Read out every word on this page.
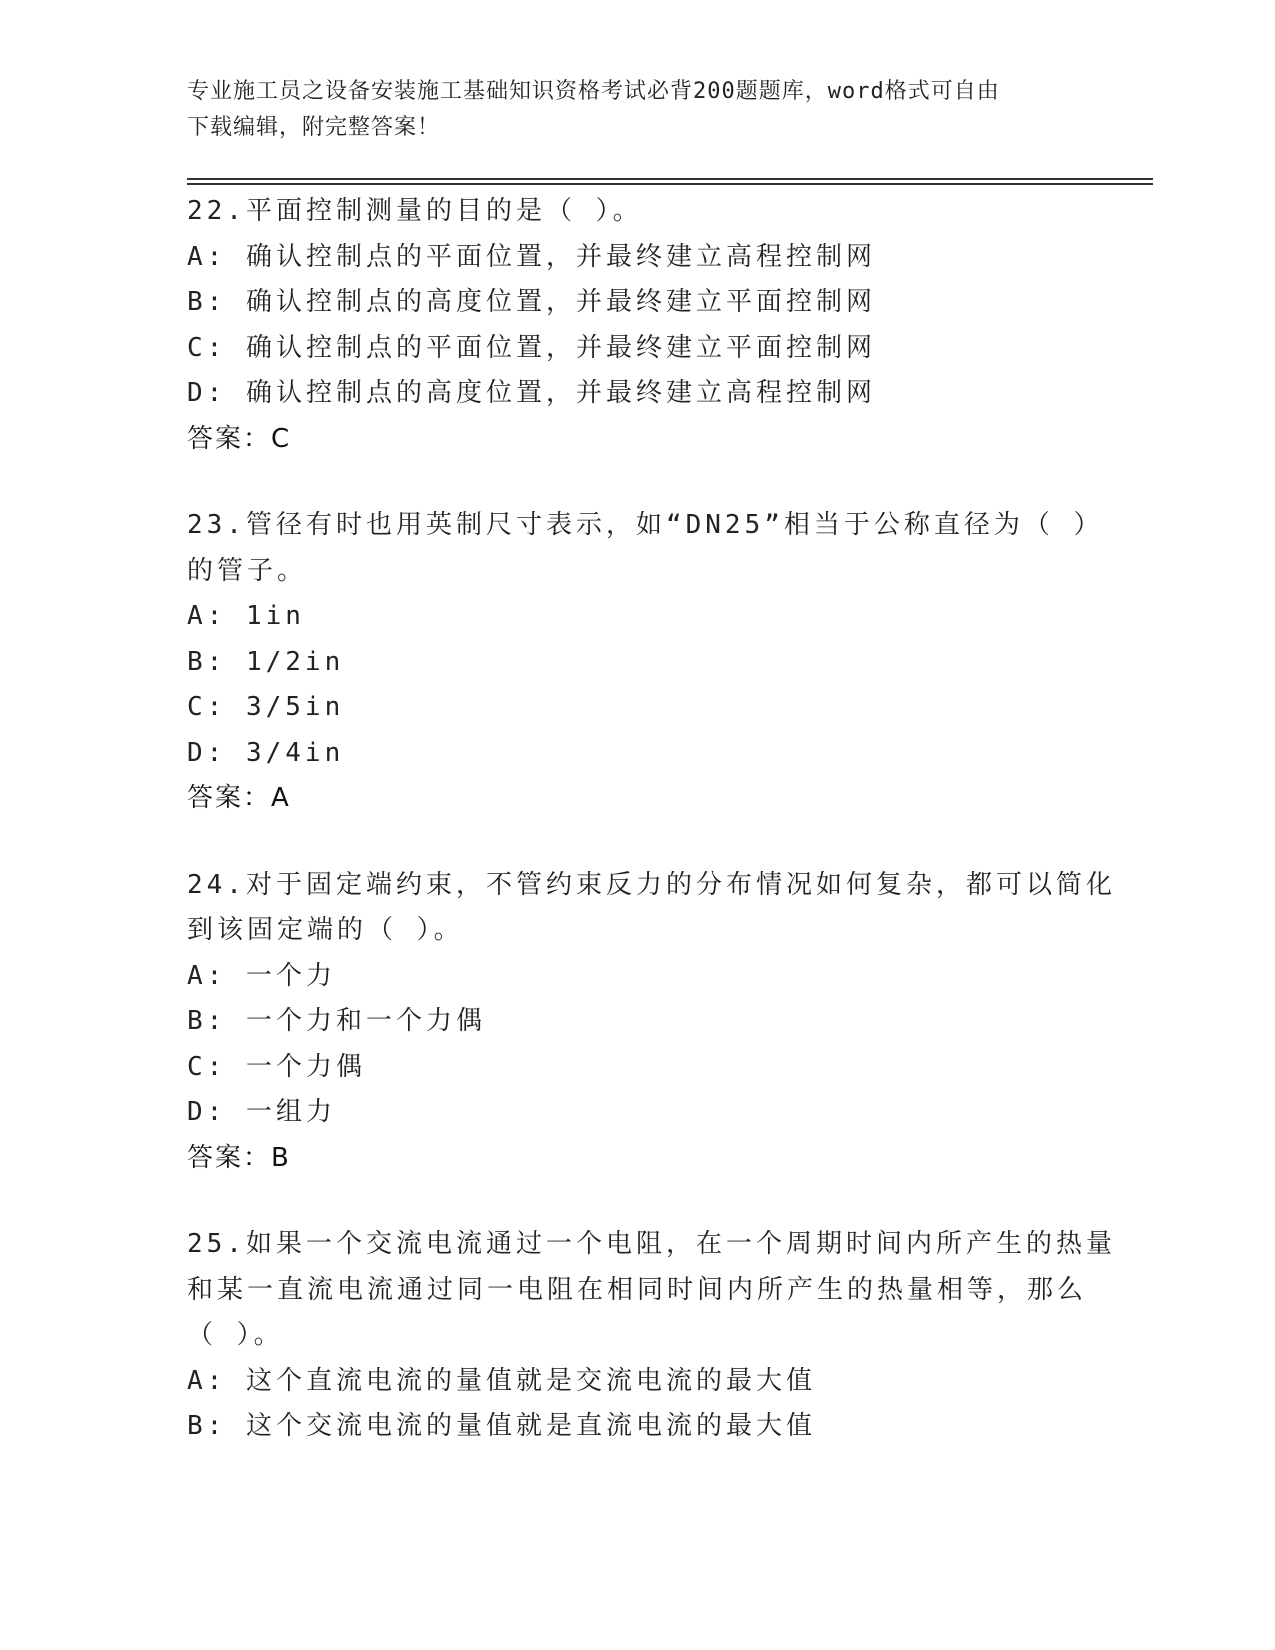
专业施工员之设备安装施工基础知识资格考试必背200题题库，word格式可自由
下载编辑，附完整答案！
22.平面控制测量的目的是（ ）。
A: 确认控制点的平面位置，并最终建立高程控制网
B: 确认控制点的高度位置，并最终建立平面控制网
C: 确认控制点的平面位置，并最终建立平面控制网
D: 确认控制点的高度位置，并最终建立高程控制网
答案：C
23.管径有时也用英制尺寸表示，如“DN25”相当于公称直径为（ ）
的管子。
A: 1in
B: 1/2in
C: 3/5in
D: 3/4in
答案：A
24.对于固定端约束，不管约束反力的分布情况如何复杂，都可以简化
到该固定端的（ ）。
A: 一个力
B: 一个力和一个力偶
C: 一个力偶
D: 一组力
答案：B
25.如果一个交流电流通过一个电阻，在一个周期时间内所产生的热量
和某一直流电流通过同一电阻在相同时间内所产生的热量相等，那么
（ ）。
A: 这个直流电流的量值就是交流电流的最大值
B: 这个交流电流的量值就是直流电流的最大值
